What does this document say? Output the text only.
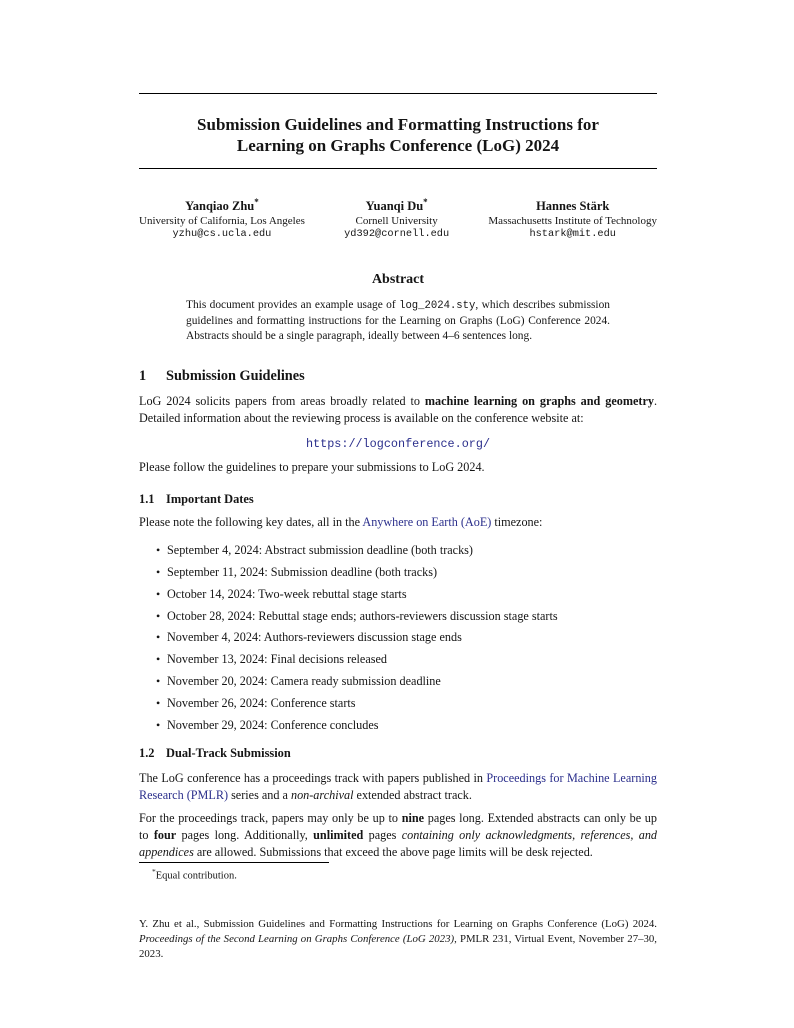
Submission Guidelines and Formatting Instructions for
Learning on Graphs Conference (LoG) 2024
Yanqiao Zhu*
University of California, Los Angeles
yzhu@cs.ucla.edu
Yuanqi Du*
Cornell University
yd392@cornell.edu
Hannes Stärk
Massachusetts Institute of Technology
hstark@mit.edu
Abstract
This document provides an example usage of log_2024.sty, which describes submission guidelines and formatting instructions for the Learning on Graphs (LoG) Conference 2024. Abstracts should be a single paragraph, ideally between 4–6 sentences long.
1 Submission Guidelines

LoG 2024 solicits papers from areas broadly related to machine learning on graphs and geometry. Detailed information about the reviewing process is available on the conference website at:

https://logconference.org/

Please follow the guidelines to prepare your submissions to LoG 2024.

1.1 Important Dates

Please note the following key dates, all in the Anywhere on Earth (AoE) timezone:

• September 4, 2024: Abstract submission deadline (both tracks)
• September 11, 2024: Submission deadline (both tracks)
• October 14, 2024: Two-week rebuttal stage starts
• October 28, 2024: Rebuttal stage ends; authors-reviewers discussion stage starts
• November 4, 2024: Authors-reviewers discussion stage ends
• November 13, 2024: Final decisions released
• November 20, 2024: Camera ready submission deadline
• November 26, 2024: Conference starts
• November 29, 2024: Conference concludes
1.2 Dual-Track Submission

The LoG conference has a proceedings track with papers published in Proceedings for Machine Learning Research (PMLR) series and a non-archival extended abstract track.

For the proceedings track, papers may only be up to nine pages long. Extended abstracts can only be up to four pages long. Additionally, unlimited pages containing only acknowledgments, references, and appendices are allowed. Submissions that exceed the above page limits will be desk rejected.

*Equal contribution.
Y. Zhu et al., Submission Guidelines and Formatting Instructions for Learning on Graphs Conference (LoG) 2024. Proceedings of the Second Learning on Graphs Conference (LoG 2023), PMLR 231, Virtual Event, November 27–30, 2023.
